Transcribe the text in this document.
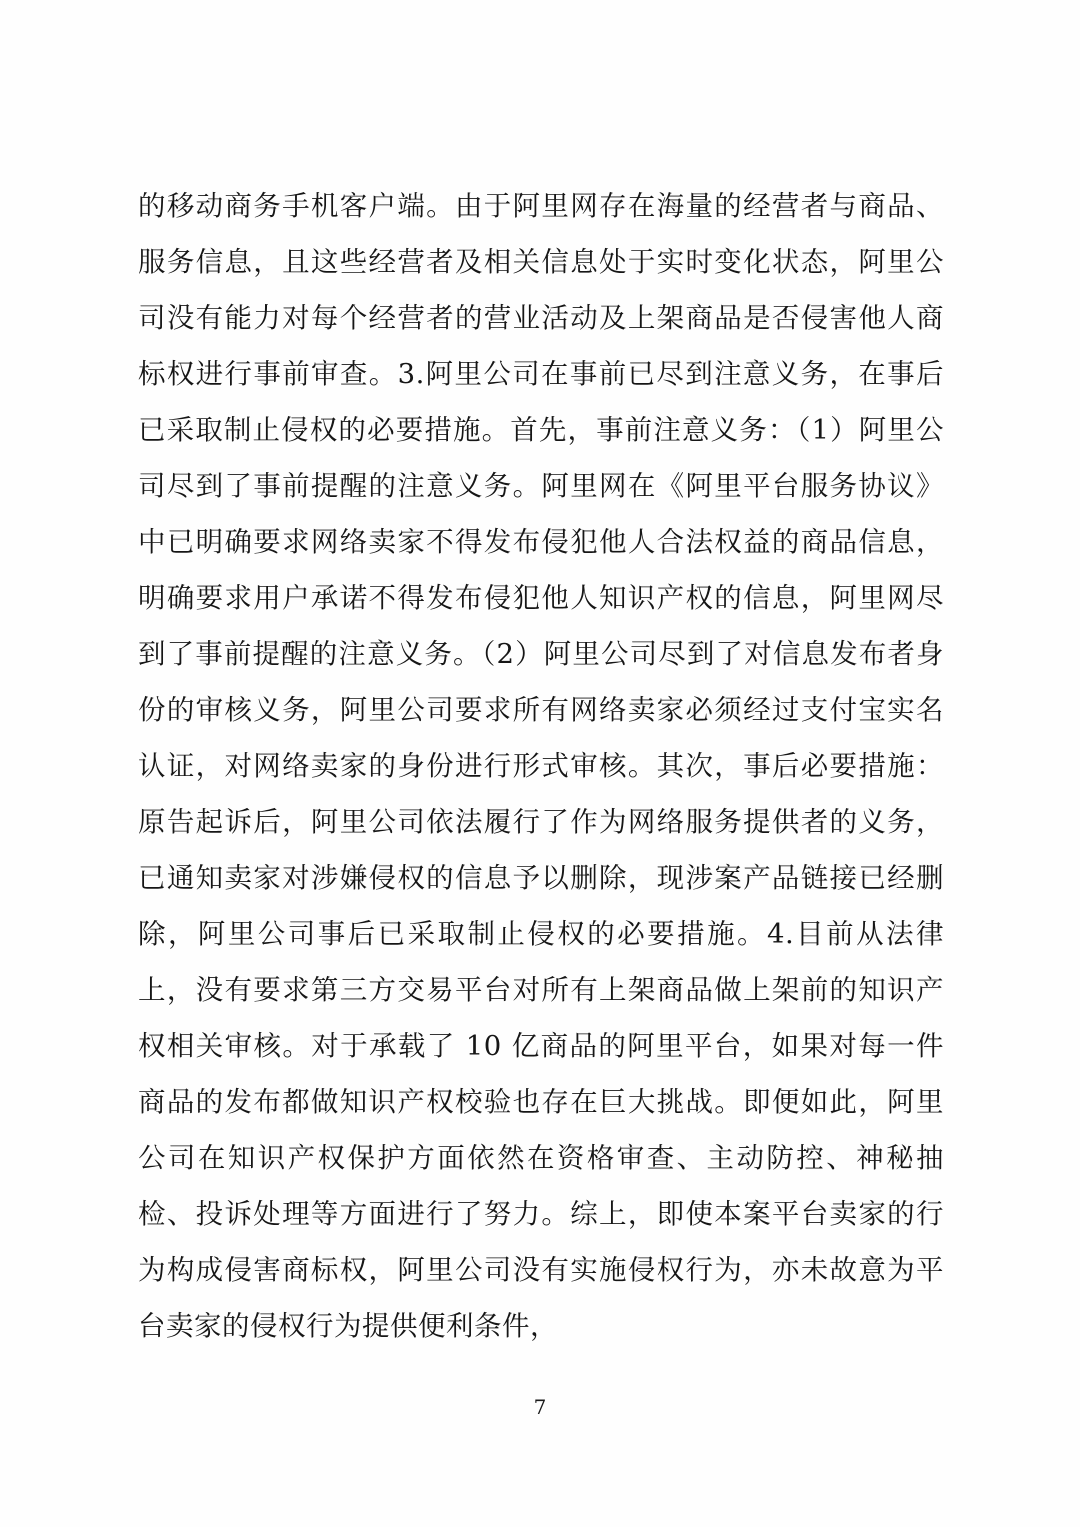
的移动商务手机客户端。由于阿里网存在海量的经营者与商品、服务信息，且这些经营者及相关信息处于实时变化状态，阿里公司没有能力对每个经营者的营业活动及上架商品是否侵害他人商标权进行事前审查。3.阿里公司在事前已尽到注意义务，在事后已采取制止侵权的必要措施。首先，事前注意义务：（1）阿里公司尽到了事前提醒的注意义务。阿里网在《阿里平台服务协议》中已明确要求网络卖家不得发布侵犯他人合法权益的商品信息，明确要求用户承诺不得发布侵犯他人知识产权的信息，阿里网尽到了事前提醒的注意义务。（2）阿里公司尽到了对信息发布者身份的审核义务，阿里公司要求所有网络卖家必须经过支付宝实名认证，对网络卖家的身份进行形式审核。其次，事后必要措施：原告起诉后，阿里公司依法履行了作为网络服务提供者的义务，已通知卖家对涉嫌侵权的信息予以删除，现涉案产品链接已经删除，阿里公司事后已采取制止侵权的必要措施。4.目前从法律上，没有要求第三方交易平台对所有上架商品做上架前的知识产权相关审核。对于承载了 10 亿商品的阿里平台，如果对每一件商品的发布都做知识产权校验也存在巨大挑战。即便如此，阿里公司在知识产权保护方面依然在资格审查、主动防控、神秘抽检、投诉处理等方面进行了努力。综上，即使本案平台卖家的行为构成侵害商标权，阿里公司没有实施侵权行为，亦未故意为平台卖家的侵权行为提供便利条件，

7
